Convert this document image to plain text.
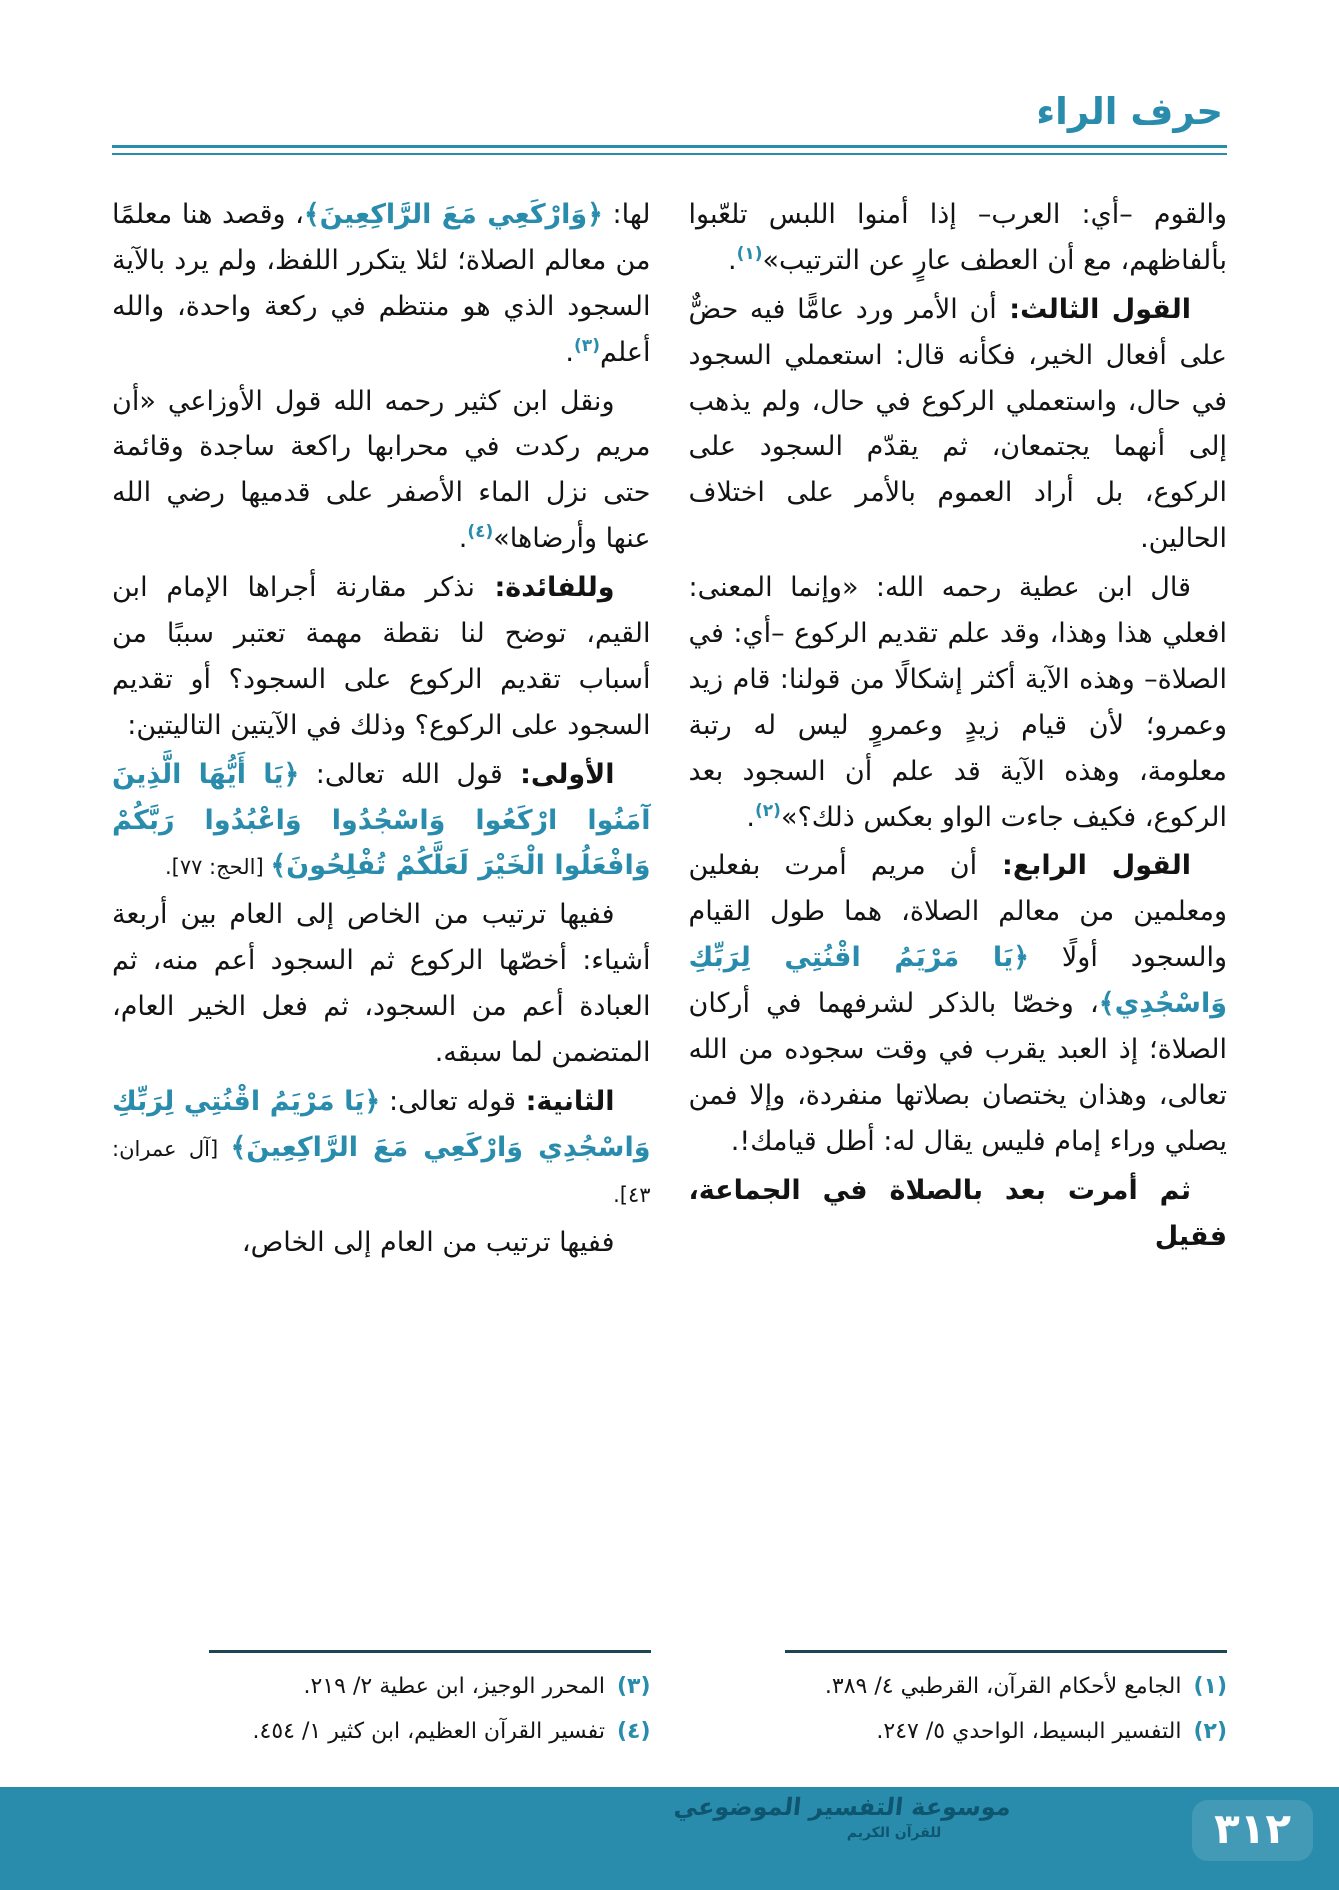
حرف الراء

والقوم –أي: العرب– إذا أمنوا اللبس تلعّبوا بألفاظهم، مع أن العطف عارٍ عن الترتيب»$^{(١)}$.

القول الثالث: أن الأمر ورد عامًّا فيه حضٌّ على أفعال الخير، فكأنه قال: استعملي السجود في حال، واستعملي الركوع في حال، ولم يذهب إلى أنهما يجتمعان، ثم يقدّم السجود على الركوع، بل أراد العموم بالأمر على اختلاف الحالين.

قال ابن عطية رحمه الله: «وإنما المعنى: افعلي هذا وهذا، وقد علم تقديم الركوع –أي: في الصلاة– وهذه الآية أكثر إشكالًا من قولنا: قام زيد وعمرو؛ لأن قيام زيدٍ وعمروٍ ليس له رتبة معلومة، وهذه الآية قد علم أن السجود بعد الركوع، فكيف جاءت الواو بعكس ذلك؟»$^{(٢)}$.

القول الرابع: أن مريم أمرت بفعلين ومعلمين من معالم الصلاة، هما طول القيام والسجود أولًا ﴿يَا مَرْيَمُ اقْنُتِي لِرَبِّكِ وَاسْجُدِي﴾، وخصّا بالذكر لشرفهما في أركان الصلاة؛ إذ العبد يقرب في وقت سجوده من الله تعالى، وهذان يختصان بصلاتها منفردة، وإلا فمن يصلي وراء إمام فليس يقال له: أطل قيامك!.

ثم أمرت بعد بالصلاة في الجماعة، فقيل

لها: ﴿وَارْكَعِي مَعَ الرَّاكِعِينَ﴾، وقصد هنا معلمًا من معالم الصلاة؛ لئلا يتكرر اللفظ، ولم يرد بالآية السجود الذي هو منتظم في ركعة واحدة، والله أعلم$^{(٣)}$.

ونقل ابن كثير رحمه الله قول الأوزاعي «أن مريم ركدت في محرابها راكعة ساجدة وقائمة حتى نزل الماء الأصفر على قدميها رضي الله عنها وأرضاها»$^{(٤)}$.

وللفائدة: نذكر مقارنة أجراها الإمام ابن القيم، توضح لنا نقطة مهمة تعتبر سببًا من أسباب تقديم الركوع على السجود؟ أو تقديم السجود على الركوع؟ وذلك في الآيتين التاليتين:

الأولى: قول الله تعالى: ﴿يَا أَيُّهَا الَّذِينَ آمَنُوا ارْكَعُوا وَاسْجُدُوا وَاعْبُدُوا رَبَّكُمْ وَافْعَلُوا الْخَيْرَ لَعَلَّكُمْ تُفْلِحُونَ﴾ [الحج: ٧٧].

ففيها ترتيب من الخاص إلى العام بين أربعة أشياء: أخصّها الركوع ثم السجود أعم منه، ثم العبادة أعم من السجود، ثم فعل الخير العام، المتضمن لما سبقه.

الثانية: قوله تعالى: ﴿يَا مَرْيَمُ اقْنُتِي لِرَبِّكِ وَاسْجُدِي وَارْكَعِي مَعَ الرَّاكِعِينَ﴾ [آل عمران: ٤٣].

ففيها ترتيب من العام إلى الخاص،

(١)
الجامع لأحكام القرآن، القرطبي ٤/ ٣٨٩.
(٢)
التفسير البسيط، الواحدي ٥/ ٢٤٧.
(٣)
المحرر الوجيز، ابن عطية ٢/ ٢١٩.
(٤)
تفسير القرآن العظيم، ابن كثير ١/ ٤٥٤.
موسوعة التفسير الموضوعي
للقرآن الكريم	٣١٢
